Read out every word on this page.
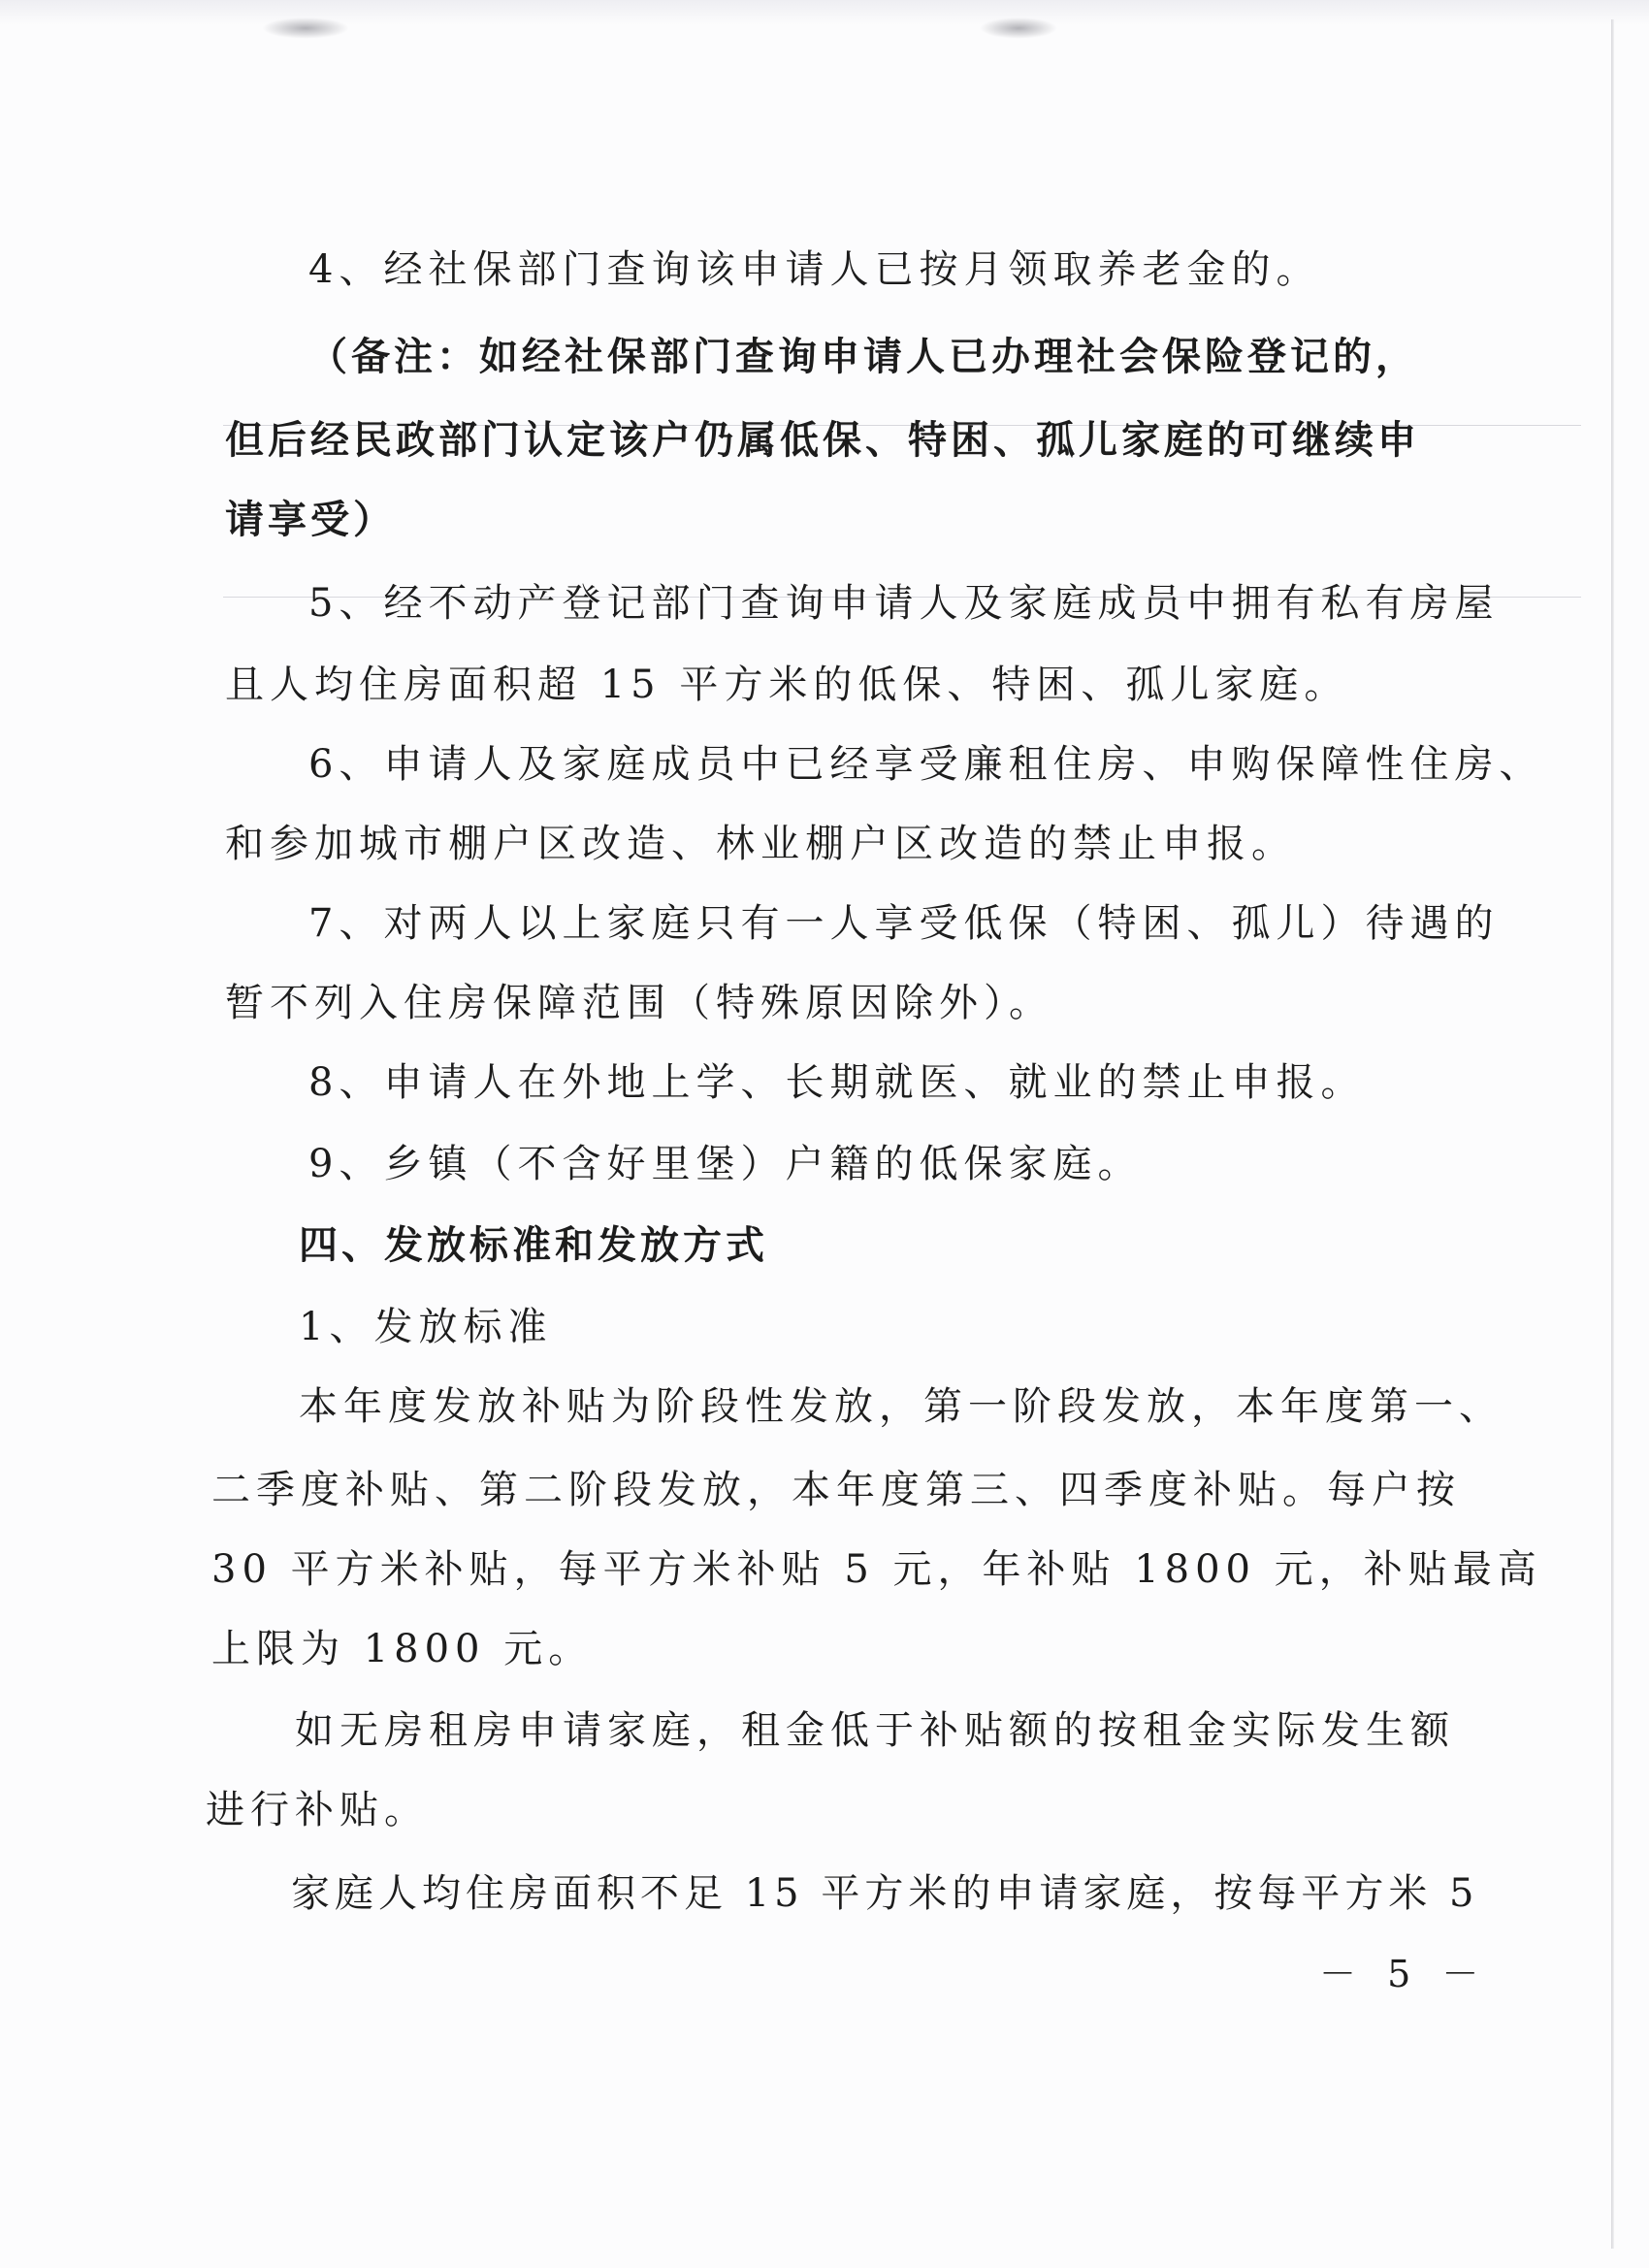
4、经社保部门查询该申请人已按月领取养老金的。
（备注：如经社保部门查询申请人已办理社会保险登记的，
但后经民政部门认定该户仍属低保、特困、孤儿家庭的可继续申
请享受）
5、经不动产登记部门查询申请人及家庭成员中拥有私有房屋
且人均住房面积超 15 平方米的低保、特困、孤儿家庭。
6、申请人及家庭成员中已经享受廉租住房、申购保障性住房、
和参加城市棚户区改造、林业棚户区改造的禁止申报。
7、对两人以上家庭只有一人享受低保（特困、孤儿）待遇的
暂不列入住房保障范围（特殊原因除外）。
8、申请人在外地上学、长期就医、就业的禁止申报。
9、乡镇（不含好里堡）户籍的低保家庭。
四、发放标准和发放方式
1、发放标准
本年度发放补贴为阶段性发放，第一阶段发放，本年度第一、
二季度补贴、第二阶段发放，本年度第三、四季度补贴。每户按
30 平方米补贴，每平方米补贴 5 元，年补贴 1800 元，补贴最高
上限为 1800 元。
如无房租房申请家庭，租金低于补贴额的按租金实际发生额
进行补贴。
家庭人均住房面积不足 15 平方米的申请家庭，按每平方米 5
－ 5 －
